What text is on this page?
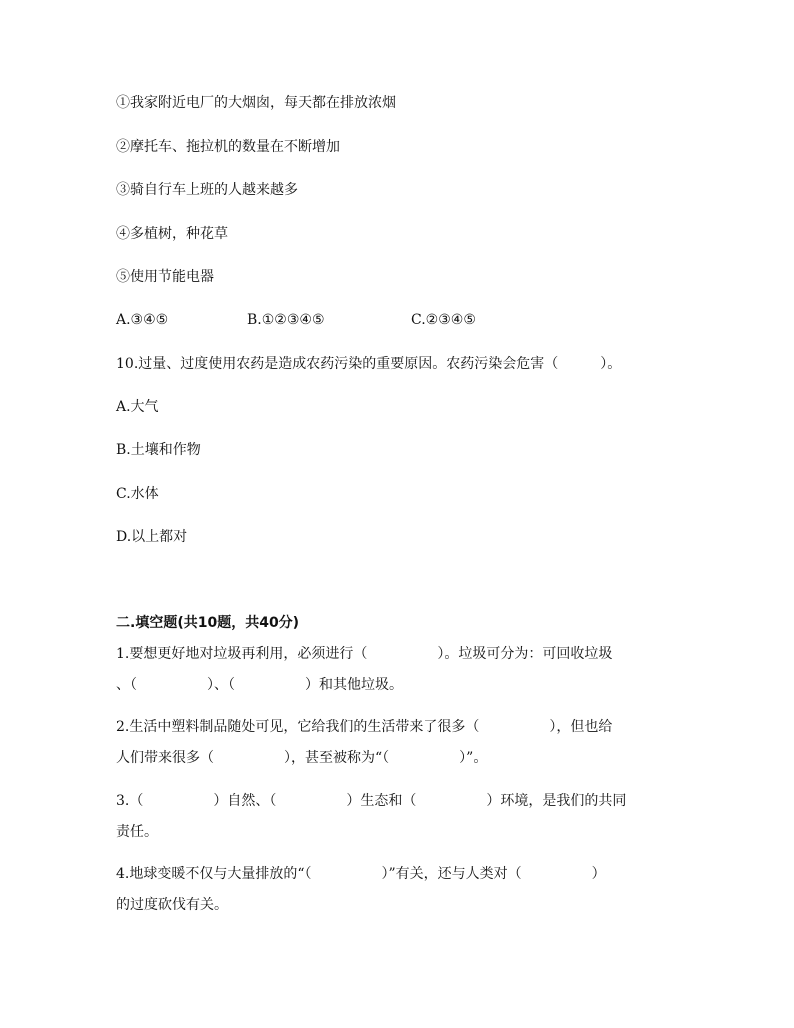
①我家附近电厂的大烟囱，每天都在排放浓烟
②摩托车、拖拉机的数量在不断增加
③骑自行车上班的人越来越多
④多植树，种花草
⑤使用节能电器
A.③④⑤	B.①②③④⑤	C.②③④⑤
10.过量、过度使用农药是造成农药污染的重要原因。农药污染会危害（　　　）。
A.大气
B.土壤和作物
C.水体
D.以上都对
二.填空题(共10题，共40分)
1.要想更好地对垃圾再利用，必须进行（　　　　　）。垃圾可分为：可回收垃圾
、（　　　　　）、（　　　　　）和其他垃圾。
2.生活中塑料制品随处可见，它给我们的生活带来了很多（　　　　　），但也给
人们带来很多（　　　　　），甚至被称为“（　　　　　）”。
3.（　　　　　）自然、（　　　　　）生态和（　　　　　）环境，是我们的共同
责任。
4.地球变暖不仅与大量排放的“（　　　　　）”有关，还与人类对（　　　　　）
的过度砍伐有关。
